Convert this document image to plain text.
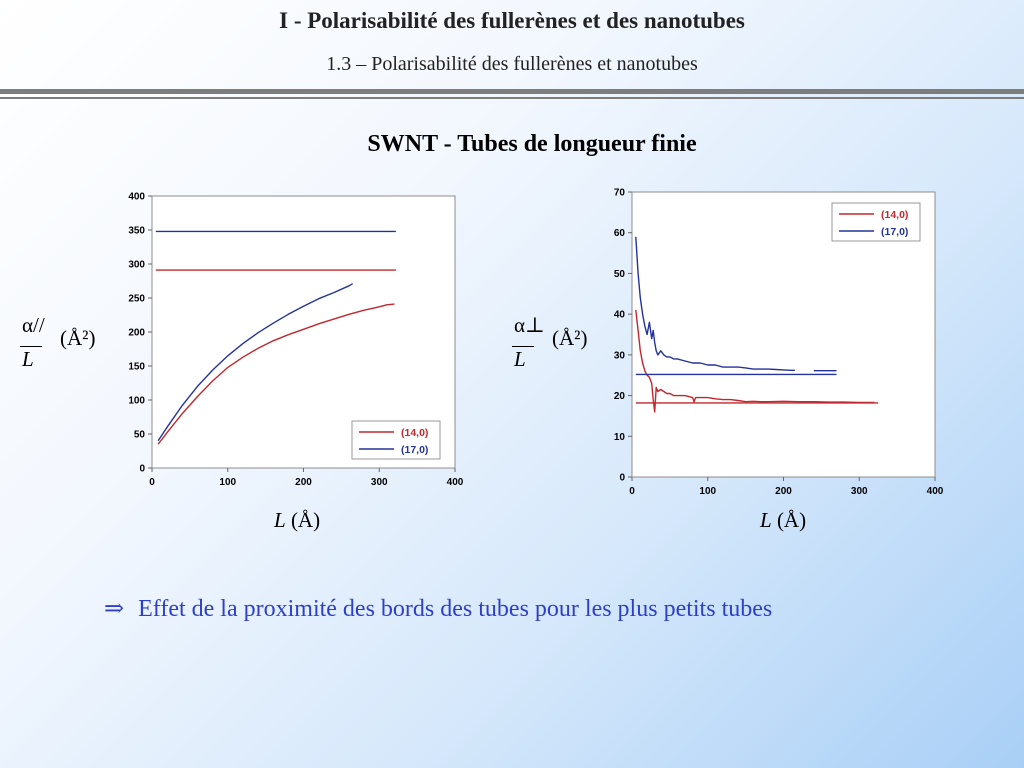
I - Polarisabilité des fullerènes et des nanotubes
1.3 – Polarisabilité des fullerènes et nanotubes
SWNT - Tubes de longueur finie
α//
L
(Å²)
α⊥
L
(Å²)
0
50
100
150
200
250
300
350
400
0	100	200	300	400
(14,0)
(17,0)
0
10
20
30
40
50
60
70
0	100	200	300	400
(14,0)
(17,0)
L (Å)	L (Å)
⇒ Effet de la proximité des bords des tubes pour les plus petits tubes
